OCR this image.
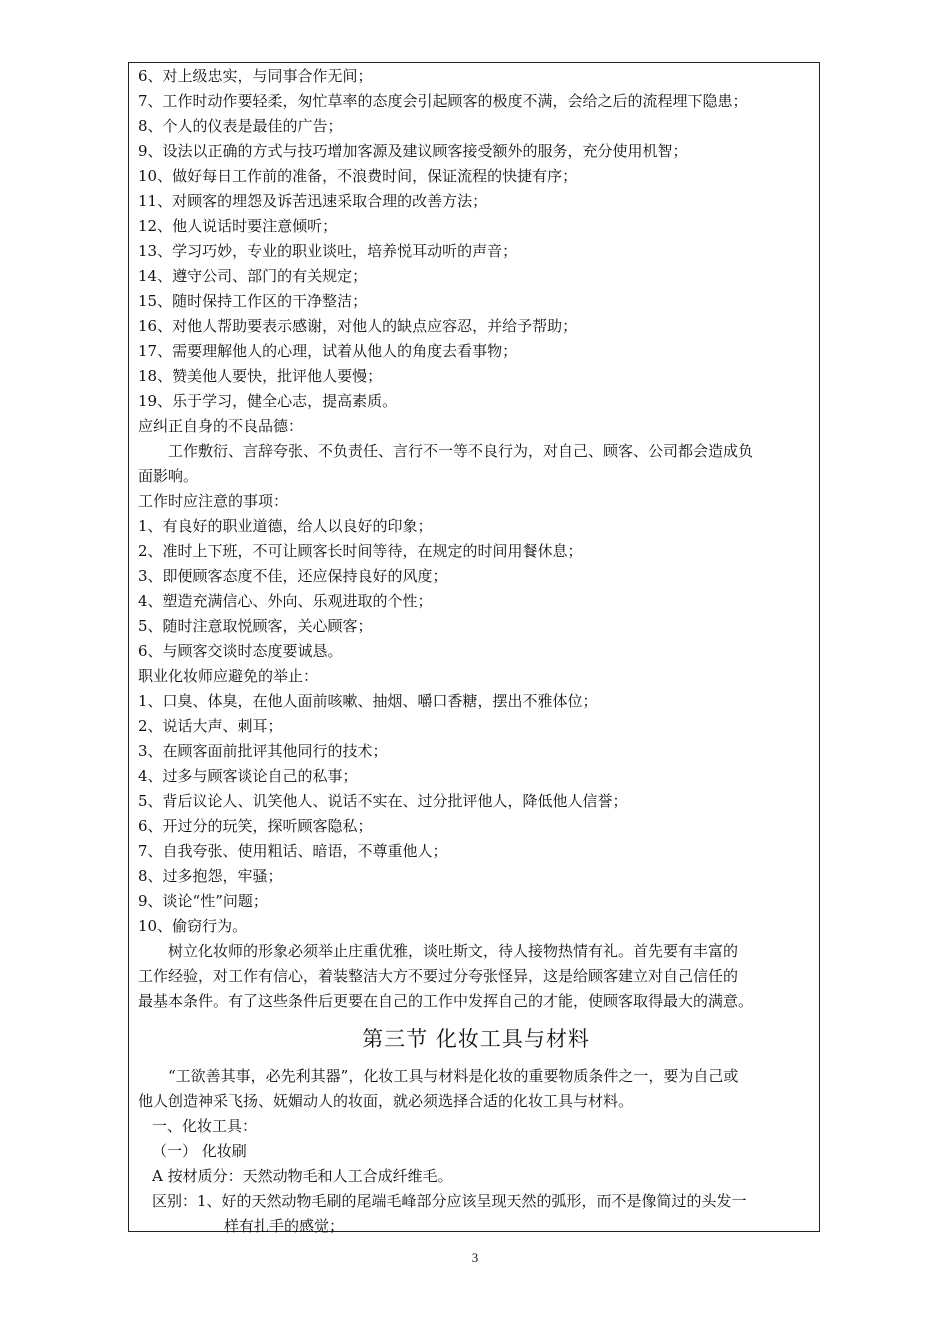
6、对上级忠实，与同事合作无间；
7、工作时动作要轻柔，匆忙草率的态度会引起顾客的极度不满，会给之后的流程埋下隐患；
8、个人的仪表是最佳的广告；
9、设法以正确的方式与技巧增加客源及建议顾客接受额外的服务，充分使用机智；
10、做好每日工作前的准备，不浪费时间，保证流程的快捷有序；
11、对顾客的埋怨及诉苦迅速采取合理的改善方法；
12、他人说话时要注意倾听；
13、学习巧妙，专业的职业谈吐，培养悦耳动听的声音；
14、遵守公司、部门的有关规定；
15、随时保持工作区的干净整洁；
16、对他人帮助要表示感谢，对他人的缺点应容忍，并给予帮助；
17、需要理解他人的心理，试着从他人的角度去看事物；
18、赞美他人要快，批评他人要慢；
19、乐于学习，健全心志，提高素质。
应纠正自身的不良品德：
工作敷衍、言辞夸张、不负责任、言行不一等不良行为，对自己、顾客、公司都会造成负
面影响。
工作时应注意的事项：
1、有良好的职业道德，给人以良好的印象；
2、准时上下班，不可让顾客长时间等待，在规定的时间用餐休息；
3、即便顾客态度不佳，还应保持良好的风度；
4、塑造充满信心、外向、乐观进取的个性；
5、随时注意取悦顾客，关心顾客；
6、与顾客交谈时态度要诚恳。
职业化妆师应避免的举止：
1、口臭、体臭，在他人面前咳嗽、抽烟、嚼口香糖，摆出不雅体位；
2、说话大声、刺耳；
3、在顾客面前批评其他同行的技术；
4、过多与顾客谈论自己的私事；
5、背后议论人、讥笑他人、说话不实在、过分批评他人，降低他人信誉；
6、开过分的玩笑，探听顾客隐私；
7、自我夸张、使用粗话、暗语，不尊重他人；
8、过多抱怨，牢骚；
9、谈论“性”问题；
10、偷窃行为。
树立化妆师的形象必须举止庄重优雅，谈吐斯文，待人接物热情有礼。首先要有丰富的
工作经验，对工作有信心，着装整洁大方不要过分夸张怪异，这是给顾客建立对自己信任的
最基本条件。有了这些条件后更要在自己的工作中发挥自己的才能，使顾客取得最大的满意。
第三节 化妆工具与材料
“工欲善其事，必先利其器”，化妆工具与材料是化妆的重要物质条件之一，要为自己或
他人创造神采飞扬、妩媚动人的妆面，就必须选择合适的化妆工具与材料。
一、化妆工具：
（一） 化妆刷
A 按材质分：天然动物毛和人工合成纤维毛。
区别：1、好的天然动物毛刷的尾端毛峰部分应该呈现天然的弧形，而不是像简过的头发一
样有扎手的感觉；
3
